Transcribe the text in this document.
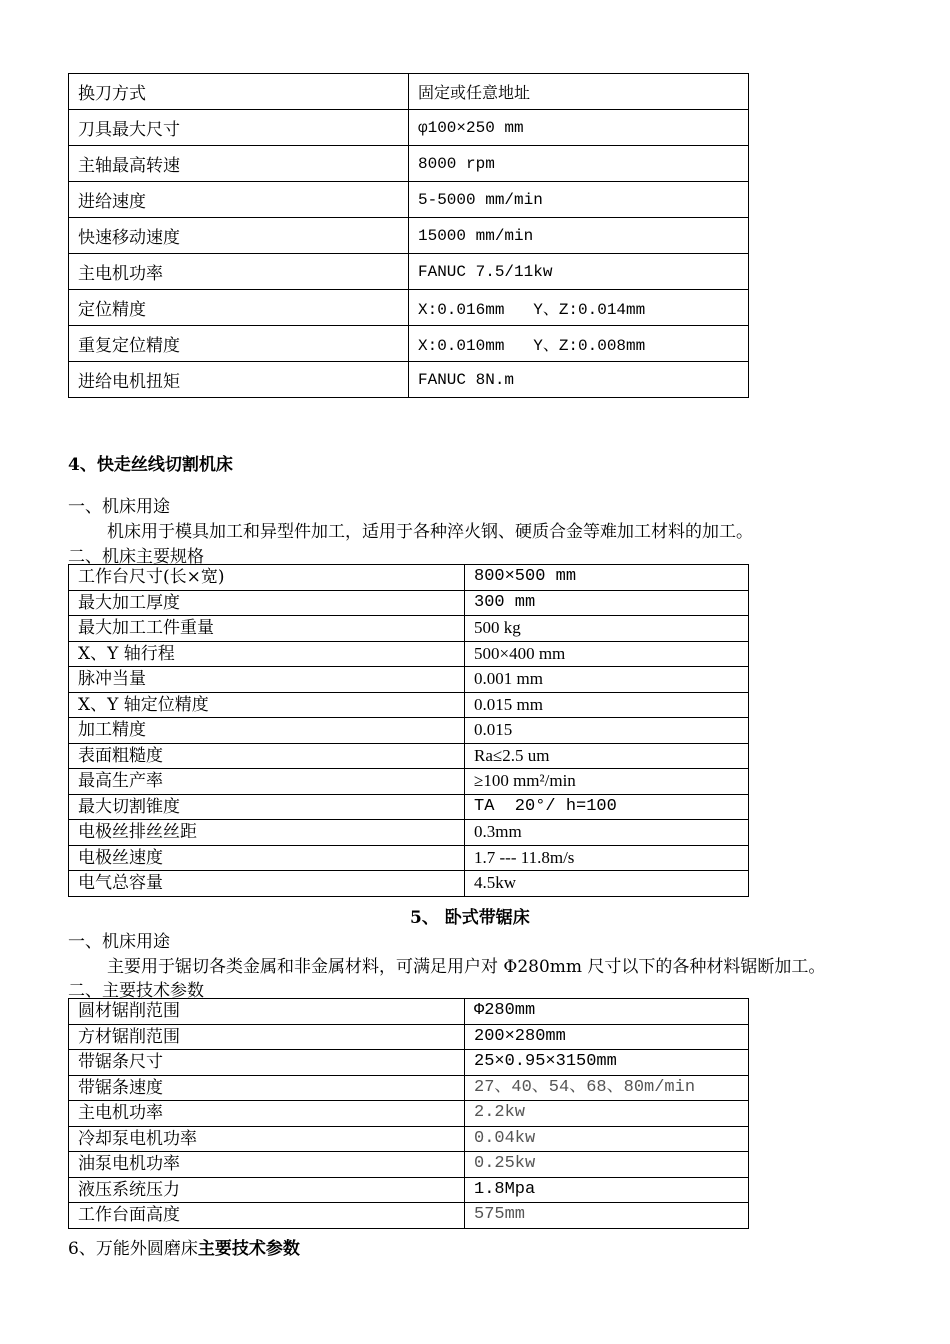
换刀方式	固定或任意地址
刀具最大尺寸	φ100×250 mm
主轴最高转速	8000 rpm
进给速度	5-5000 mm/min
快速移动速度	15000 mm/min
主电机功率	FANUC 7.5/11kw
定位精度	X:0.016mm   Y、Z:0.014mm
重复定位精度	X:0.010mm   Y、Z:0.008mm
进给电机扭矩	FANUC 8N.m
4、快走丝线切割机床
一、机床用途
机床用于模具加工和异型件加工，适用于各种淬火钢、硬质合金等难加工材料的加工。
二、机床主要规格
工作台尺寸(长×宽)	800×500 mm
最大加工厚度	300 mm
最大加工工件重量	500 kg
X、Y 轴行程	500×400 mm
脉冲当量	0.001 mm
X、Y 轴定位精度	0.015 mm
加工精度	0.015
表面粗糙度	Ra≤2.5 um
最高生产率	≥100 mm²/min
最大切割锥度	TA  20°/ h=100
电极丝排丝丝距	0.3mm
电极丝速度	1.7 --- 11.8m/s
电气总容量	4.5kw
5、 卧式带锯床
一、机床用途
主要用于锯切各类金属和非金属材料，可满足用户对 Φ280mm 尺寸以下的各种材料锯断加工。
二、主要技术参数
圆材锯削范围	Φ280mm
方材锯削范围	200×280mm
带锯条尺寸	25×0.95×3150mm
带锯条速度	27、40、54、68、80m/min
主电机功率	2.2kw
冷却泵电机功率	0.04kw
油泵电机功率	0.25kw
液压系统压力	1.8Mpa
工作台面高度	575mm
6、万能外圆磨床主要技术参数
